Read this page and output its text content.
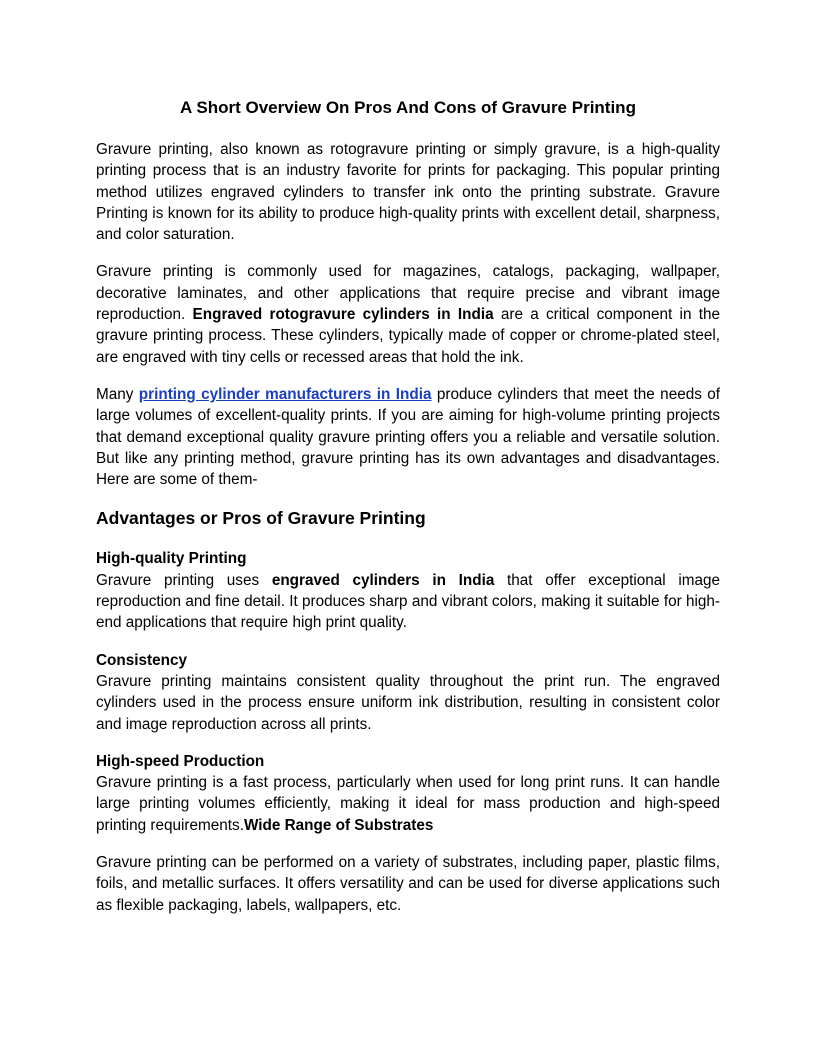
A Short Overview On Pros And Cons of Gravure Printing

Gravure printing, also known as rotogravure printing or simply gravure, is a high-quality printing process that is an industry favorite for prints for packaging. This popular printing method utilizes engraved cylinders to transfer ink onto the printing substrate. Gravure Printing is known for its ability to produce high-quality prints with excellent detail, sharpness, and color saturation.

Gravure printing is commonly used for magazines, catalogs, packaging, wallpaper, decorative laminates, and other applications that require precise and vibrant image reproduction. Engraved rotogravure cylinders in India are a critical component in the gravure printing process. These cylinders, typically made of copper or chrome-plated steel, are engraved with tiny cells or recessed areas that hold the ink.

Many printing cylinder manufacturers in India produce cylinders that meet the needs of large volumes of excellent-quality prints. If you are aiming for high-volume printing projects that demand exceptional quality gravure printing offers you a reliable and versatile solution. But like any printing method, gravure printing has its own advantages and disadvantages. Here are some of them-

Advantages or Pros of Gravure Printing

High-quality Printing
Gravure printing uses engraved cylinders in India that offer exceptional image reproduction and fine detail. It produces sharp and vibrant colors, making it suitable for high-end applications that require high print quality.

Consistency
Gravure printing maintains consistent quality throughout the print run. The engraved cylinders used in the process ensure uniform ink distribution, resulting in consistent color and image reproduction across all prints.

High-speed Production
Gravure printing is a fast process, particularly when used for long print runs. It can handle large printing volumes efficiently, making it ideal for mass production and high-speed printing requirements.Wide Range of Substrates

Gravure printing can be performed on a variety of substrates, including paper, plastic films, foils, and metallic surfaces. It offers versatility and can be used for diverse applications such as flexible packaging, labels, wallpapers, etc.
